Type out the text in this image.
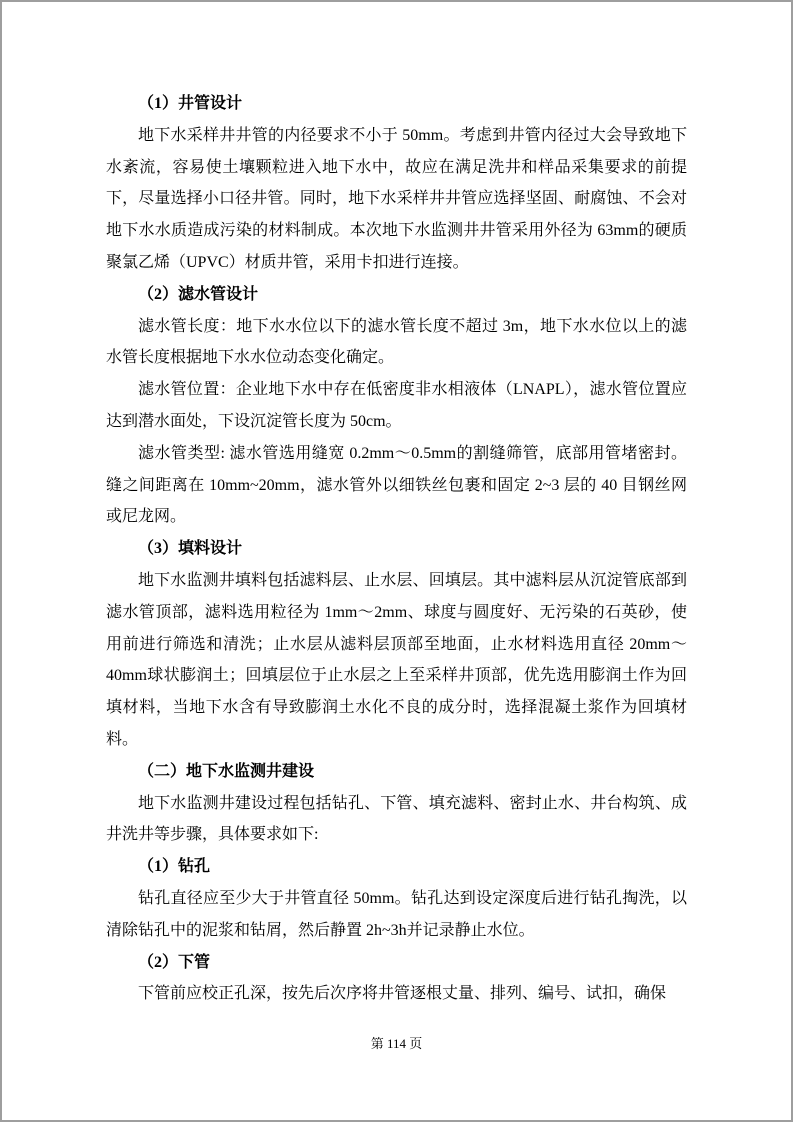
（1）井管设计

地下水采样井井管的内径要求不小于 50mm。考虑到井管内径过大会导致地下水紊流，容易使土壤颗粒进入地下水中，故应在满足洗井和样品采集要求的前提下，尽量选择小口径井管。同时，地下水采样井井管应选择坚固、耐腐蚀、不会对地下水水质造成污染的材料制成。本次地下水监测井井管采用外径为 63mm的硬质聚氯乙烯（UPVC）材质井管，采用卡扣进行连接。

（2）滤水管设计

滤水管长度：地下水水位以下的滤水管长度不超过 3m，地下水水位以上的滤水管长度根据地下水水位动态变化确定。

滤水管位置：企业地下水中存在低密度非水相液体（LNAPL），滤水管位置应达到潜水面处，下设沉淀管长度为 50cm。

滤水管类型: 滤水管选用缝宽 0.2mm～0.5mm的割缝筛管，底部用管堵密封。缝之间距离在 10mm~20mm，滤水管外以细铁丝包裹和固定 2~3 层的 40 目钢丝网或尼龙网。

（3）填料设计

地下水监测井填料包括滤料层、止水层、回填层。其中滤料层从沉淀管底部到滤水管顶部，滤料选用粒径为 1mm～2mm、球度与圆度好、无污染的石英砂，使用前进行筛选和清洗；止水层从滤料层顶部至地面，止水材料选用直径 20mm～40mm球状膨润土；回填层位于止水层之上至采样井顶部，优先选用膨润土作为回填材料，当地下水含有导致膨润土水化不良的成分时，选择混凝土浆作为回填材料。

（二）地下水监测井建设

地下水监测井建设过程包括钻孔、下管、填充滤料、密封止水、井台构筑、成井洗井等步骤，具体要求如下:

（1）钻孔

钻孔直径应至少大于井管直径 50mm。钻孔达到设定深度后进行钻孔掏洗，以清除钻孔中的泥浆和钻屑，然后静置 2h~3h并记录静止水位。

（2）下管

下管前应校正孔深，按先后次序将井管逐根丈量、排列、编号、试扣，确保

第 114 页
